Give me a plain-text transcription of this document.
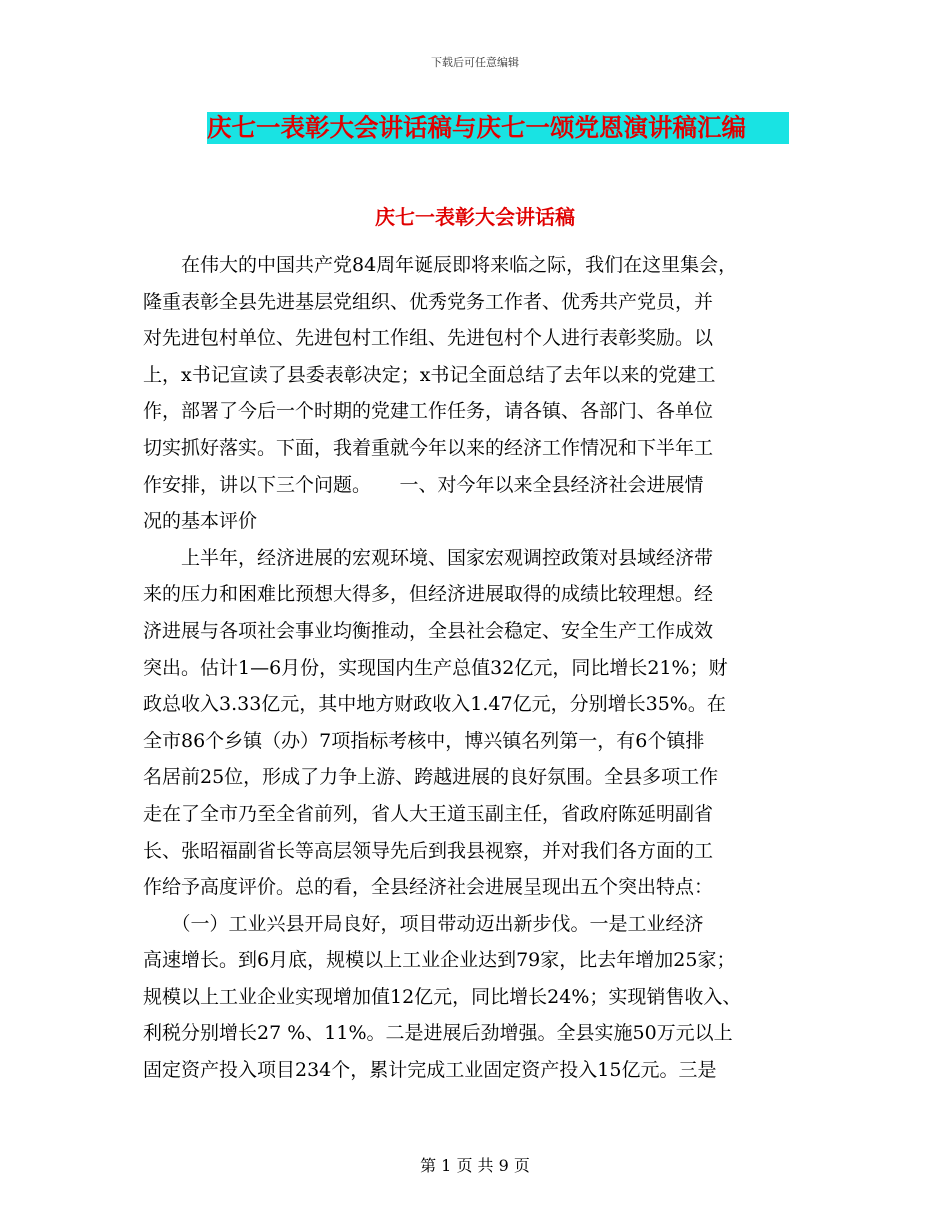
下载后可任意编辑
庆七一表彰大会讲话稿与庆七一颂党恩演讲稿汇编
庆七一表彰大会讲话稿
　　在伟大的中国共产党84周年诞辰即将来临之际，我们在这里集会，
隆重表彰全县先进基层党组织、优秀党务工作者、优秀共产党员，并
对先进包村单位、先进包村工作组、先进包村个人进行表彰奖励。以
上，x书记宣读了县委表彰决定；x书记全面总结了去年以来的党建工
作，部署了今后一个时期的党建工作任务，请各镇、各部门、各单位
切实抓好落实。下面，我着重就今年以来的经济工作情况和下半年工
作安排，讲以下三个问题。　　一、对今年以来全县经济社会进展情
况的基本评价
　　上半年，经济进展的宏观环境、国家宏观调控政策对县域经济带
来的压力和困难比预想大得多，但经济进展取得的成绩比较理想。经
济进展与各项社会事业均衡推动，全县社会稳定、安全生产工作成效
突出。估计1—6月份，实现国内生产总值32亿元，同比增长21%；财
政总收入3.33亿元，其中地方财政收入1.47亿元，分别增长35%。在
全市86个乡镇（办）7项指标考核中，博兴镇名列第一，有6个镇排
名居前25位，形成了力争上游、跨越进展的良好氛围。全县多项工作
走在了全市乃至全省前列，省人大王道玉副主任，省政府陈延明副省
长、张昭福副省长等高层领导先后到我县视察，并对我们各方面的工
作给予高度评价。总的看，全县经济社会进展呈现出五个突出特点：
　　（一）工业兴县开局良好，项目带动迈出新步伐。一是工业经济
高速增长。到6月底，规模以上工业企业达到79家，比去年增加25家；
规模以上工业企业实现增加值12亿元，同比增长24%；实现销售收入、
利税分别增长27 %、11%。二是进展后劲增强。全县实施50万元以上
固定资产投入项目234个，累计完成工业固定资产投入15亿元。三是
第 1 页 共 9 页
